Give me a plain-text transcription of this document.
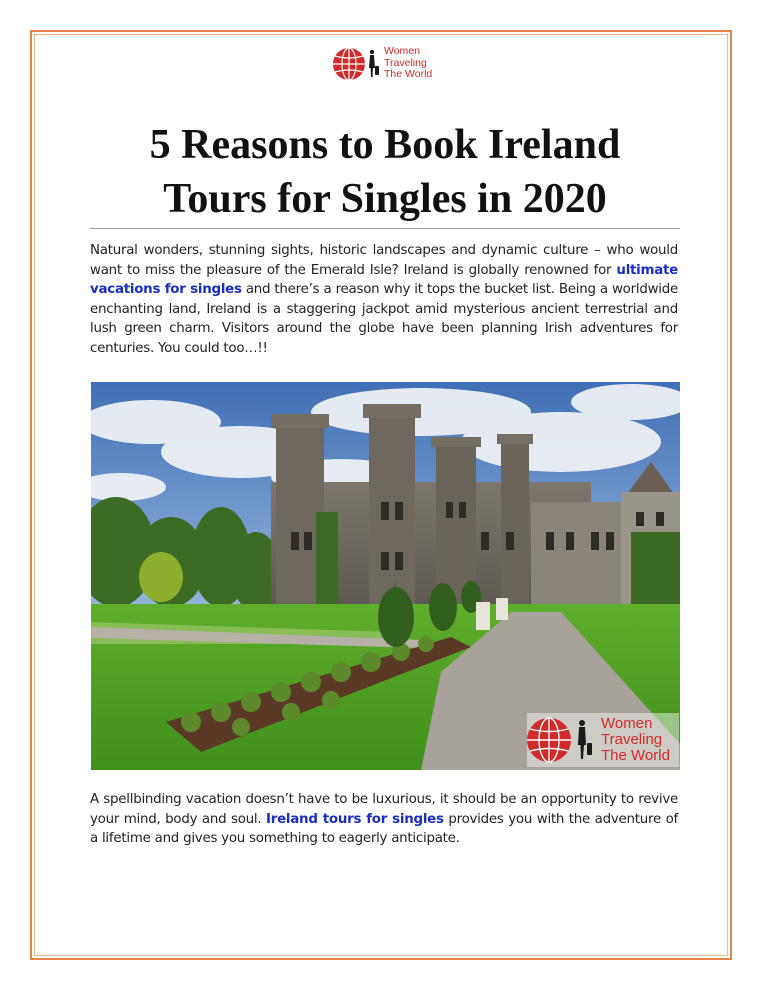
Women
Traveling
The World
5 Reasons to Book Ireland
Tours for Singles in 2020

Natural wonders, stunning sights, historic landscapes and dynamic culture – who would want to miss the pleasure of the Emerald Isle? Ireland is globally renowned for ultimate vacations for singles and there’s a reason why it tops the bucket list. Being a worldwide enchanting land, Ireland is a staggering jackpot amid mysterious ancient terrestrial and lush green charm. Visitors around the globe have been planning Irish adventures for centuries. You could too…!!

Women
Traveling
The World

A spellbinding vacation doesn’t have to be luxurious, it should be an opportunity to revive your mind, body and soul. Ireland tours for singles provides you with the adventure of a lifetime and gives you something to eagerly anticipate.
